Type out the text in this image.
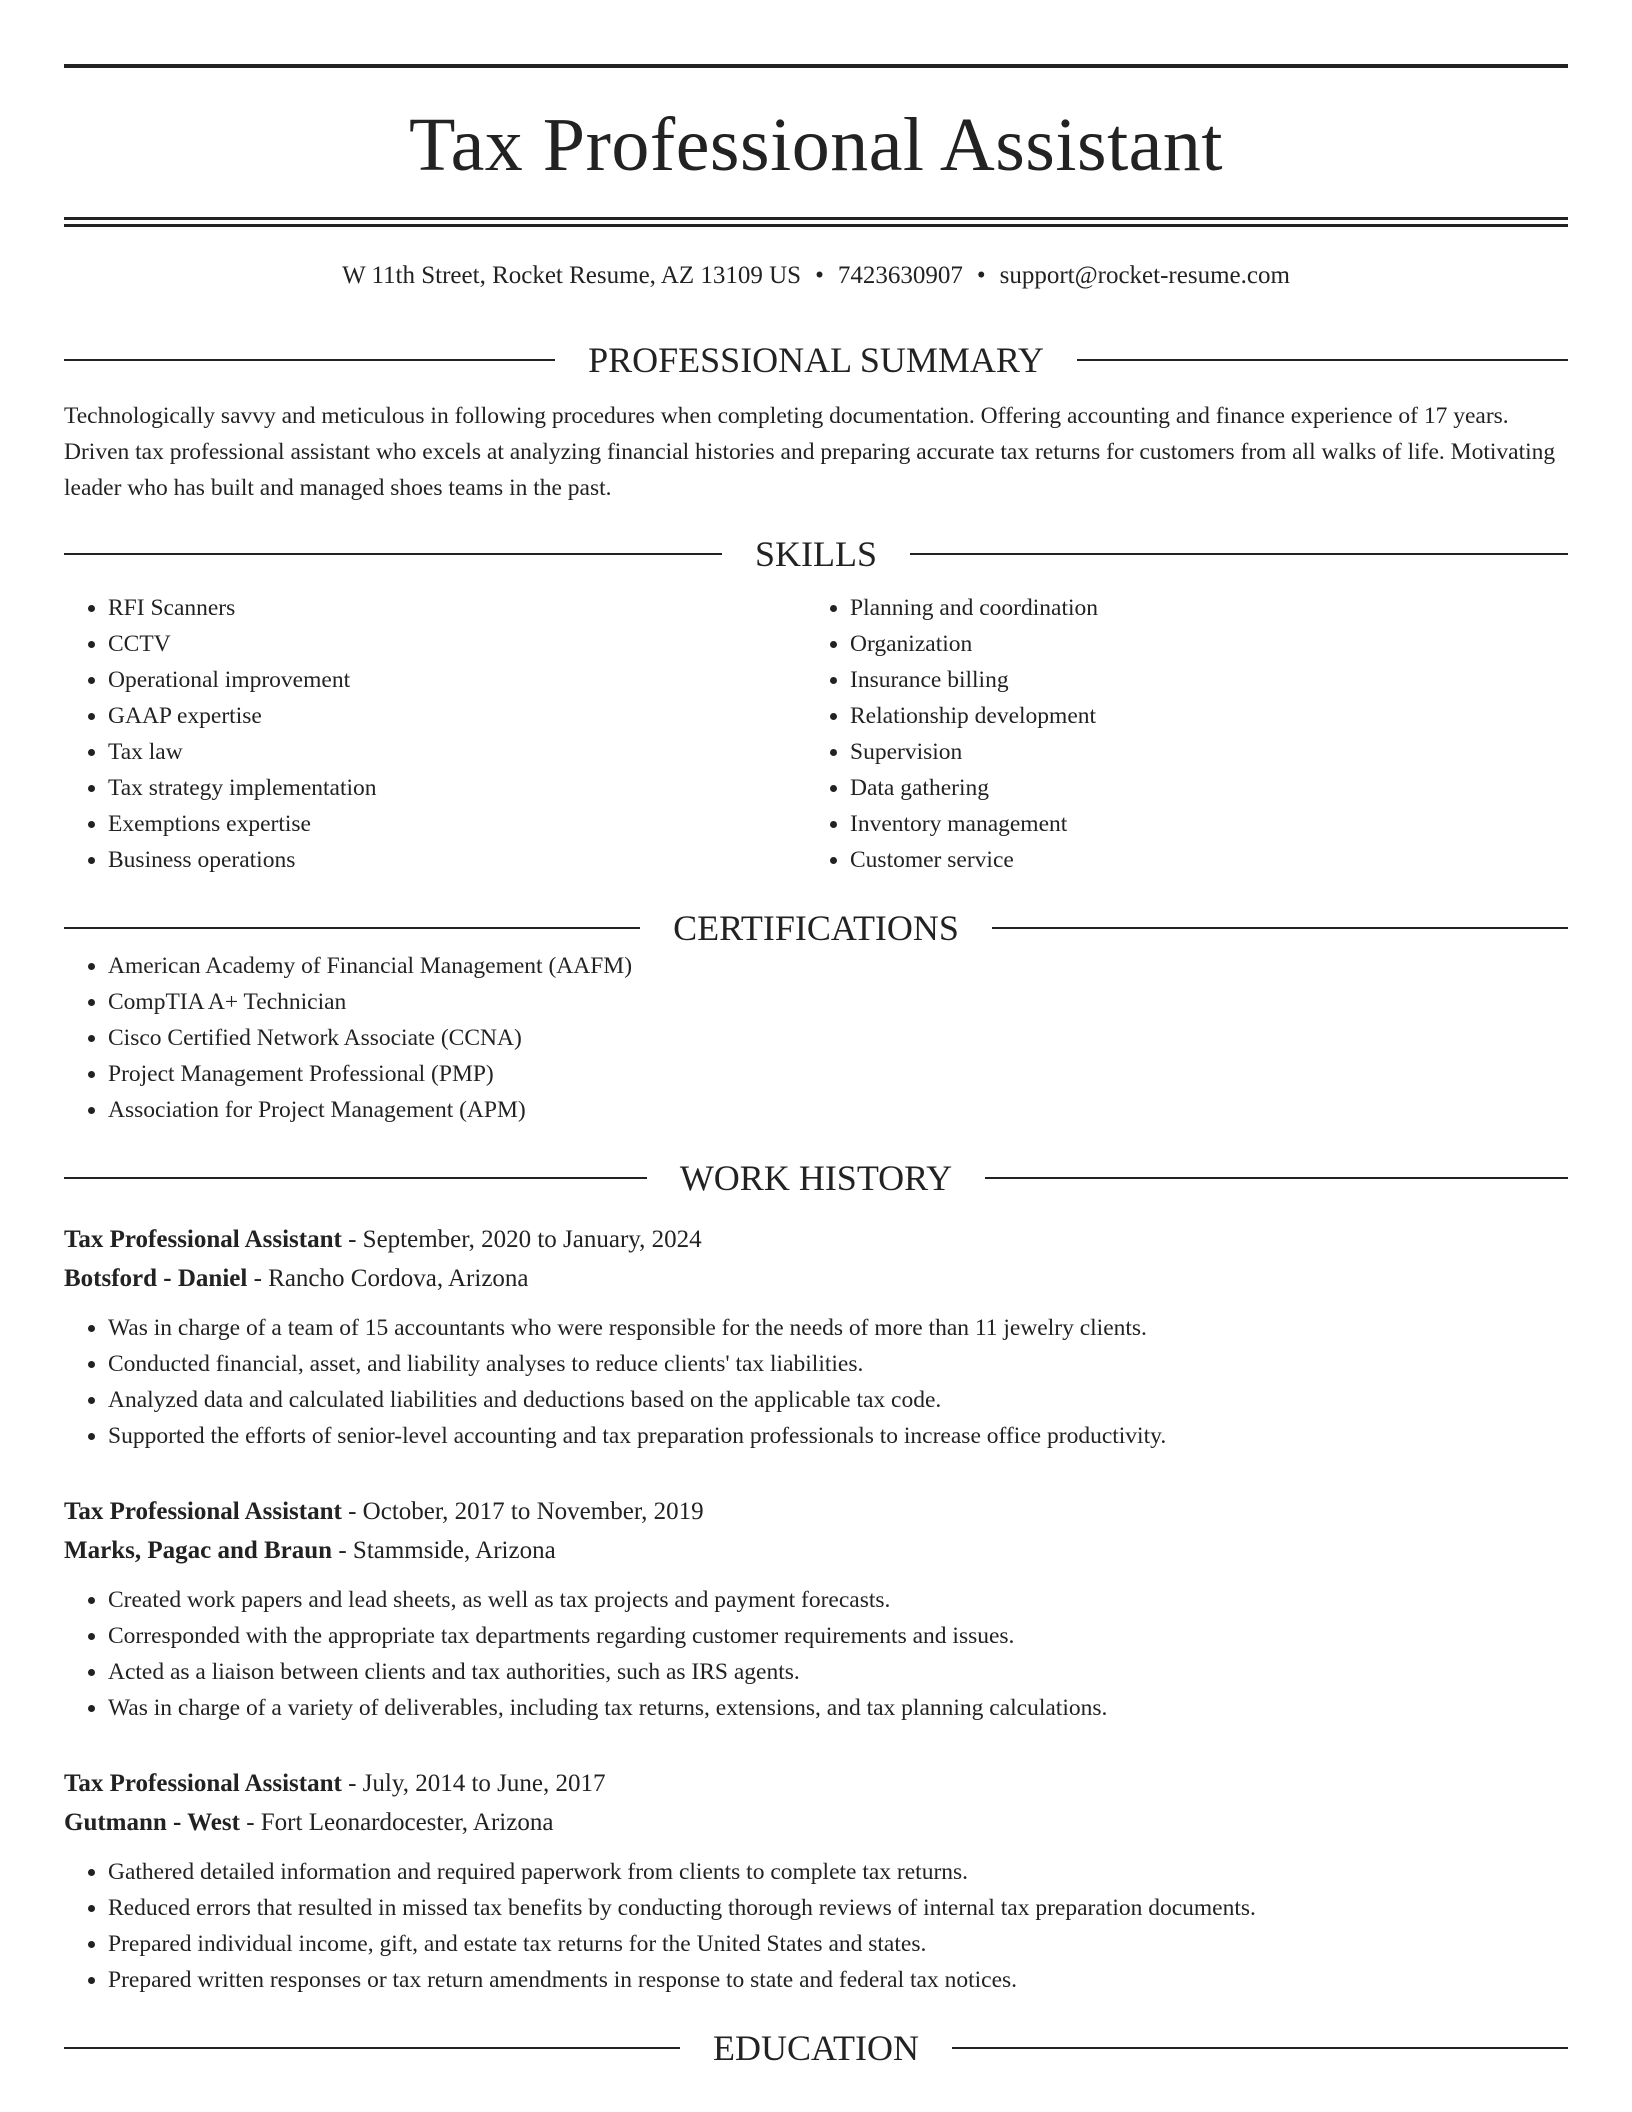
Tax Professional Assistant
W 11th Street, Rocket Resume, AZ 13109 US • 7423630907 • support@rocket-resume.com
PROFESSIONAL SUMMARY

Technologically savvy and meticulous in following procedures when completing documentation. Offering accounting and finance experience of 17 years. Driven tax professional assistant who excels at analyzing financial histories and preparing accurate tax returns for customers from all walks of life. Motivating leader who has built and managed shoes teams in the past.

SKILLS
• RFI Scanners
• CCTV
• Operational improvement
• GAAP expertise
• Tax law
• Tax strategy implementation
• Exemptions expertise
• Business operations
• Planning and coordination
• Organization
• Insurance billing
• Relationship development
• Supervision
• Data gathering
• Inventory management
• Customer service
CERTIFICATIONS
• American Academy of Financial Management (AAFM)
• CompTIA A+ Technician
• Cisco Certified Network Associate (CCNA)
• Project Management Professional (PMP)
• Association for Project Management (APM)
WORK HISTORY
Tax Professional Assistant - September, 2020 to January, 2024
Botsford - Daniel - Rancho Cordova, Arizona
• Was in charge of a team of 15 accountants who were responsible for the needs of more than 11 jewelry clients.
• Conducted financial, asset, and liability analyses to reduce clients' tax liabilities.
• Analyzed data and calculated liabilities and deductions based on the applicable tax code.
• Supported the efforts of senior-level accounting and tax preparation professionals to increase office productivity.
Tax Professional Assistant - October, 2017 to November, 2019
Marks, Pagac and Braun - Stammside, Arizona
• Created work papers and lead sheets, as well as tax projects and payment forecasts.
• Corresponded with the appropriate tax departments regarding customer requirements and issues.
• Acted as a liaison between clients and tax authorities, such as IRS agents.
• Was in charge of a variety of deliverables, including tax returns, extensions, and tax planning calculations.
Tax Professional Assistant - July, 2014 to June, 2017
Gutmann - West - Fort Leonardocester, Arizona
• Gathered detailed information and required paperwork from clients to complete tax returns.
• Reduced errors that resulted in missed tax benefits by conducting thorough reviews of internal tax preparation documents.
• Prepared individual income, gift, and estate tax returns for the United States and states.
• Prepared written responses or tax return amendments in response to state and federal tax notices.
EDUCATION
